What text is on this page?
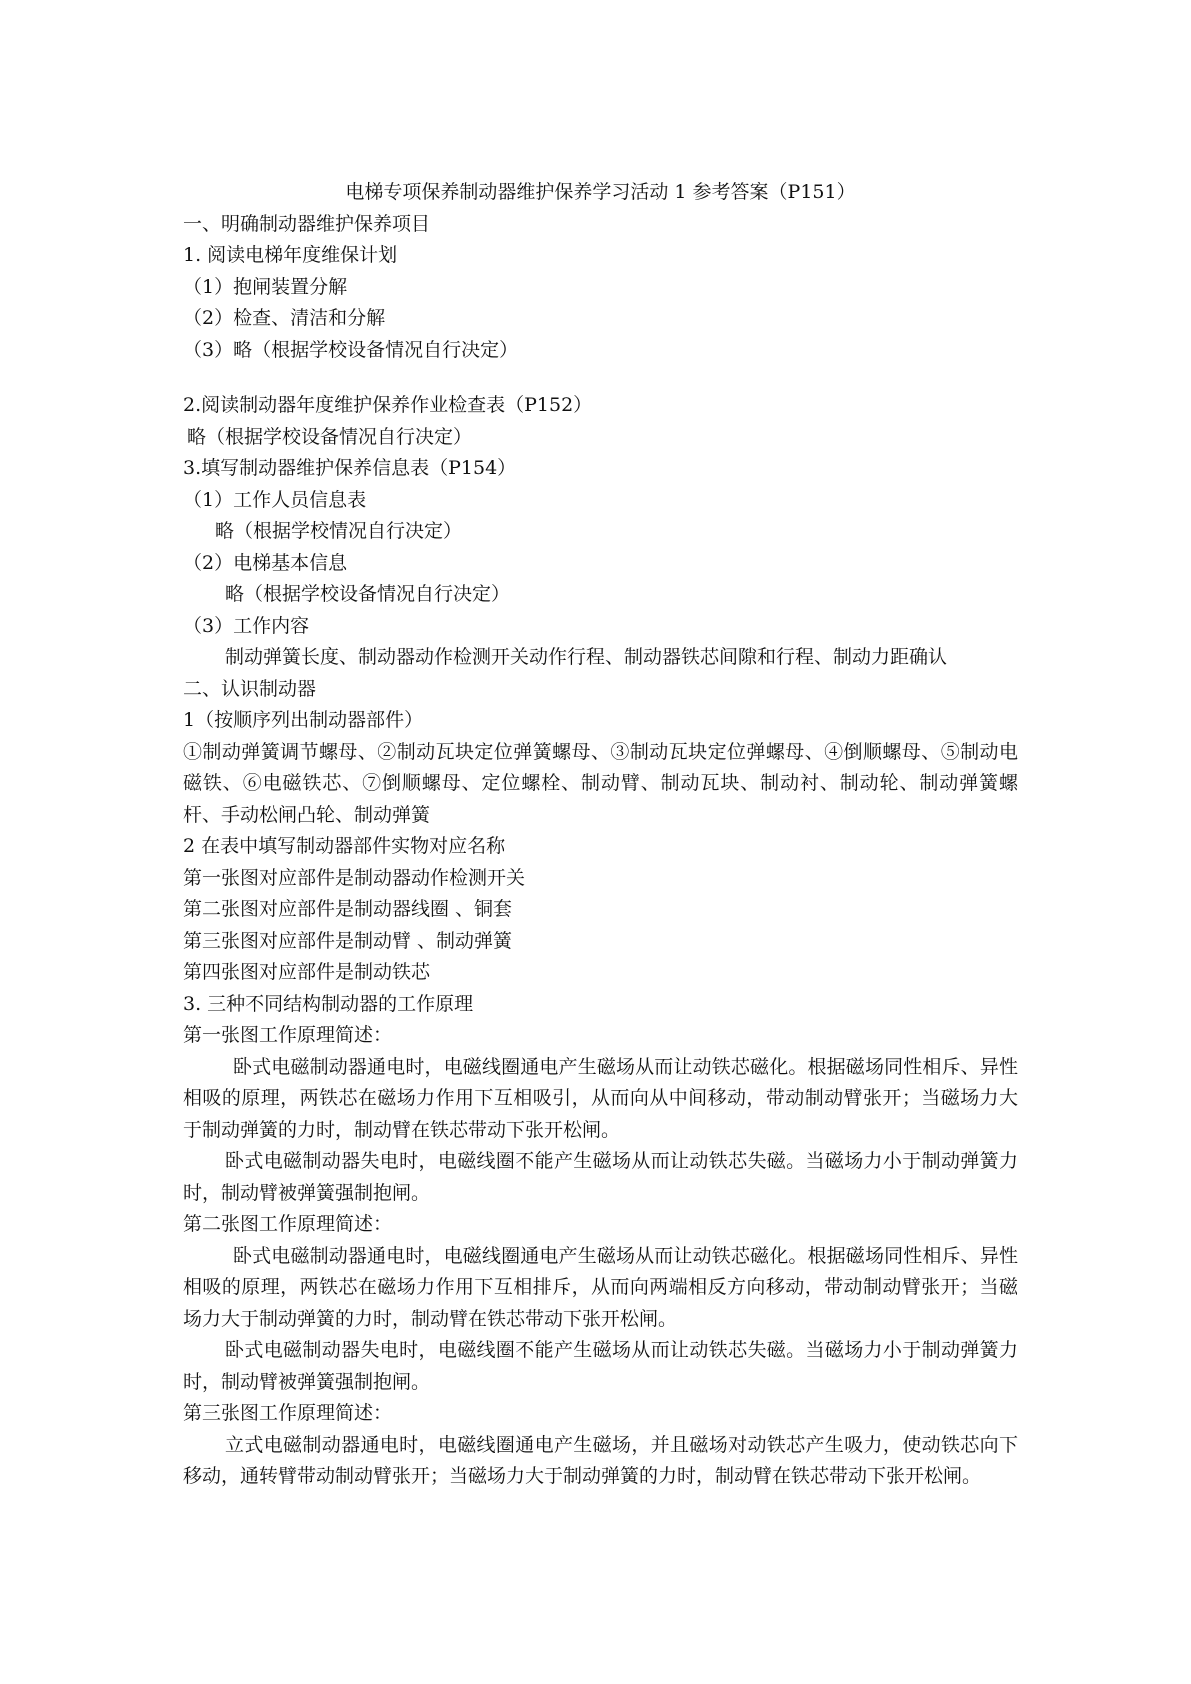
电梯专项保养制动器维护保养学习活动 1 参考答案（P151）
一、明确制动器维护保养项目
1. 阅读电梯年度维保计划
（1）抱闸装置分解
（2）检查、清洁和分解
（3）略（根据学校设备情况自行决定）
2.阅读制动器年度维护保养作业检查表（P152）
略（根据学校设备情况自行决定）
3.填写制动器维护保养信息表（P154）
（1）工作人员信息表
略（根据学校情况自行决定）
（2）电梯基本信息
略（根据学校设备情况自行决定）
（3）工作内容
制动弹簧长度、制动器动作检测开关动作行程、制动器铁芯间隙和行程、制动力距确认
二、认识制动器
1（按顺序列出制动器部件）
①制动弹簧调节螺母、②制动瓦块定位弹簧螺母、③制动瓦块定位弹螺母、④倒顺螺母、⑤制动电磁铁、⑥电磁铁芯、⑦倒顺螺母、定位螺栓、制动臂、制动瓦块、制动衬、制动轮、制动弹簧螺杆、手动松闸凸轮、制动弹簧
2 在表中填写制动器部件实物对应名称
第一张图对应部件是制动器动作检测开关
第二张图对应部件是制动器线圈 、铜套
第三张图对应部件是制动臂 、制动弹簧
第四张图对应部件是制动铁芯
3. 三种不同结构制动器的工作原理
第一张图工作原理简述：
卧式电磁制动器通电时，电磁线圈通电产生磁场从而让动铁芯磁化。根据磁场同性相斥、异性相吸的原理，两铁芯在磁场力作用下互相吸引，从而向从中间移动，带动制动臂张开；当磁场力大于制动弹簧的力时，制动臂在铁芯带动下张开松闸。
卧式电磁制动器失电时，电磁线圈不能产生磁场从而让动铁芯失磁。当磁场力小于制动弹簧力时，制动臂被弹簧强制抱闸。
第二张图工作原理简述：
卧式电磁制动器通电时，电磁线圈通电产生磁场从而让动铁芯磁化。根据磁场同性相斥、异性相吸的原理，两铁芯在磁场力作用下互相排斥，从而向两端相反方向移动，带动制动臂张开；当磁场力大于制动弹簧的力时，制动臂在铁芯带动下张开松闸。
卧式电磁制动器失电时，电磁线圈不能产生磁场从而让动铁芯失磁。当磁场力小于制动弹簧力时，制动臂被弹簧强制抱闸。
第三张图工作原理简述：
立式电磁制动器通电时，电磁线圈通电产生磁场，并且磁场对动铁芯产生吸力，使动铁芯向下移动，通转臂带动制动臂张开；当磁场力大于制动弹簧的力时，制动臂在铁芯带动下张开松闸。
